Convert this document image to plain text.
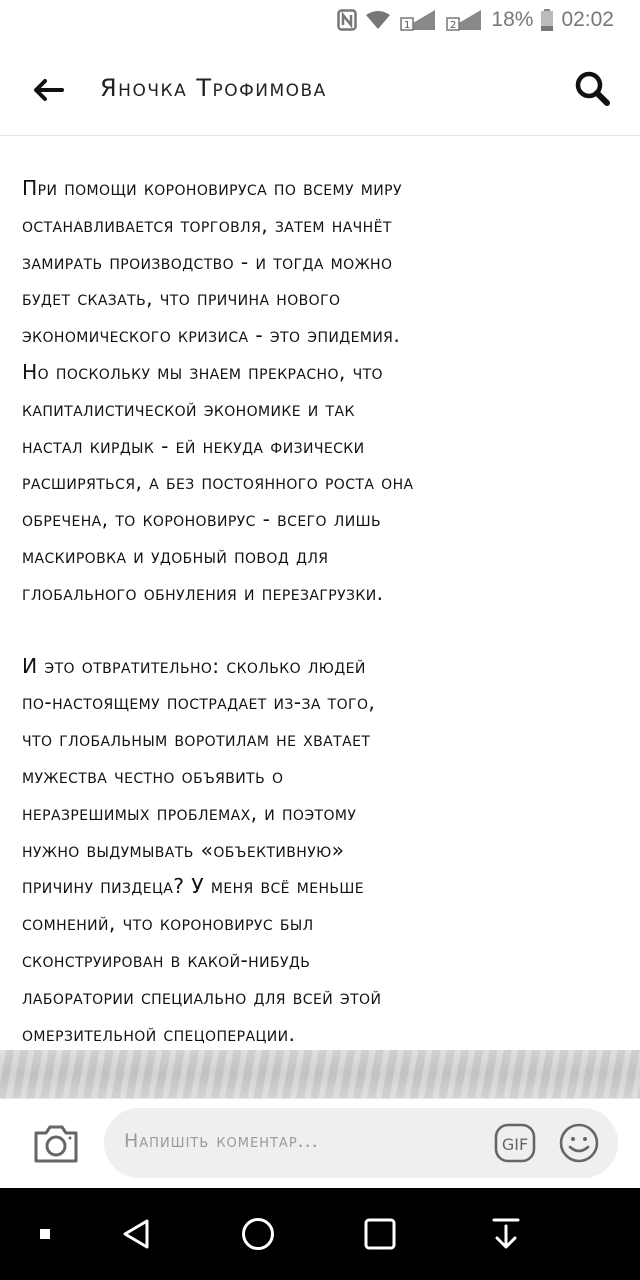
1	2 18% 02:02
Яночка Трофимова

При помощи короновируса по всему миру
останавливается торговля, затем начнёт
замирать производство - и тогда можно
будет сказать, что причина нового
экономического кризиса - это эпидемия.
Но поскольку мы знаем прекрасно, что
капиталистической экономике и так
настал кирдык - ей некуда физически
расширяться, а без постоянного роста она
обречена, то короновирус - всего лишь
маскировка и удобный повод для
глобального обнуления и перезагрузки.

И это отвратительно: сколько людей
по-настоящему пострадает из-за того,
что глобальным воротилам не хватает
мужества честно объявить о
неразрешимых проблемах, и поэтому
нужно выдумывать «объективную»
причину пиздеца? У меня всё меньше
сомнений, что короновирус был
сконструирован в какой-нибудь
лаборатории специально для всей этой
омерзительной спецоперации.

Напишіть коментар...	GIF
